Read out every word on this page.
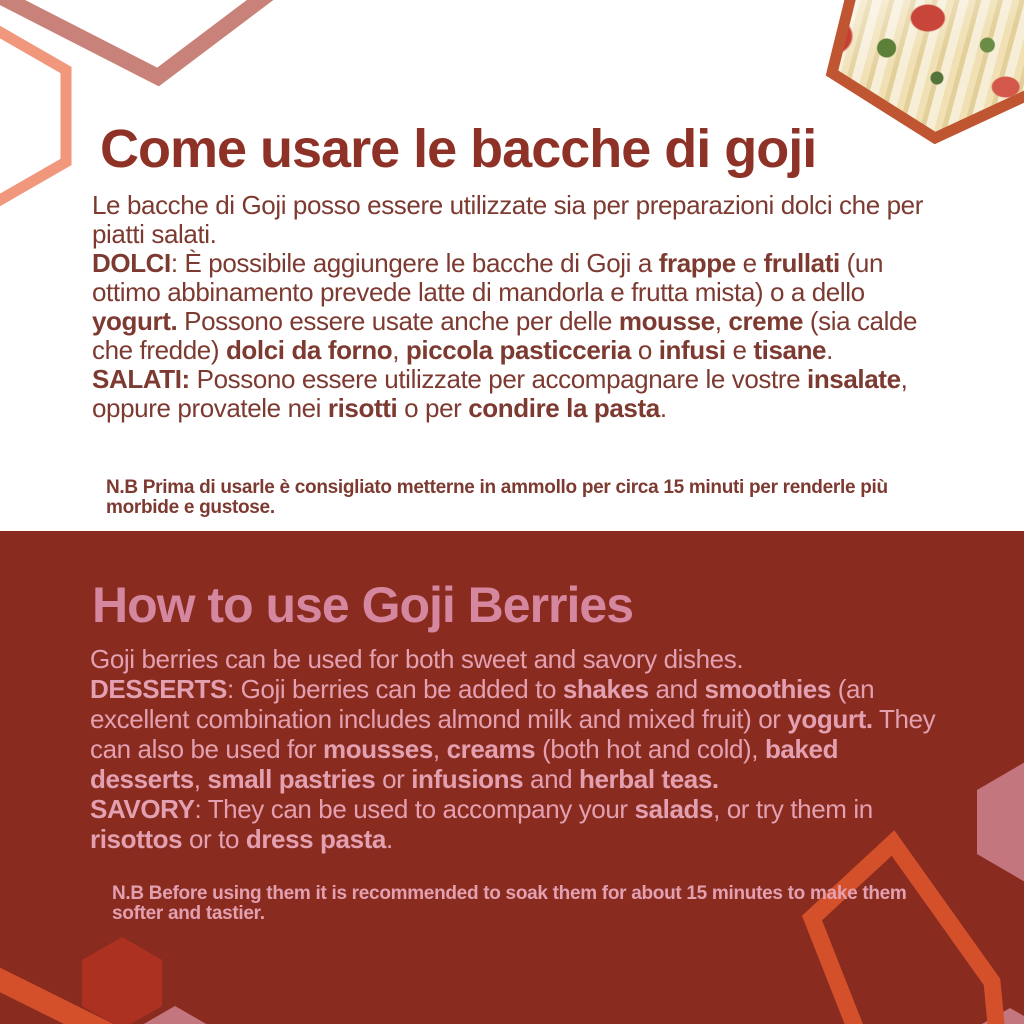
Come usare le bacche di goji

Le bacche di Goji posso essere utilizzate sia per preparazioni dolci che per piatti salati.

DOLCI: È possibile aggiungere le bacche di Goji a frappe e frullati (un ottimo abbinamento prevede latte di mandorla e frutta mista) o a dello yogurt. Possono essere usate anche per delle mousse, creme (sia calde che fredde) dolci da forno, piccola pasticceria o infusi e tisane.

SALATI: Possono essere utilizzate per accompagnare le vostre insalate, oppure provatele nei risotti o per condire la pasta.

N.B Prima di usarle è consigliato metterne in ammollo per circa 15 minuti per renderle più morbide e gustose.

How to use Goji Berries

Goji berries can be used for both sweet and savory dishes.

DESSERTS: Goji berries can be added to shakes and smoothies (an excellent combination includes almond milk and mixed fruit) or yogurt. They can also be used for mousses, creams (both hot and cold), baked desserts, small pastries or infusions and herbal teas.

SAVORY: They can be used to accompany your salads, or try them in risottos or to dress pasta.

N.B Before using them it is recommended to soak them for about 15 minutes to make them softer and tastier.
